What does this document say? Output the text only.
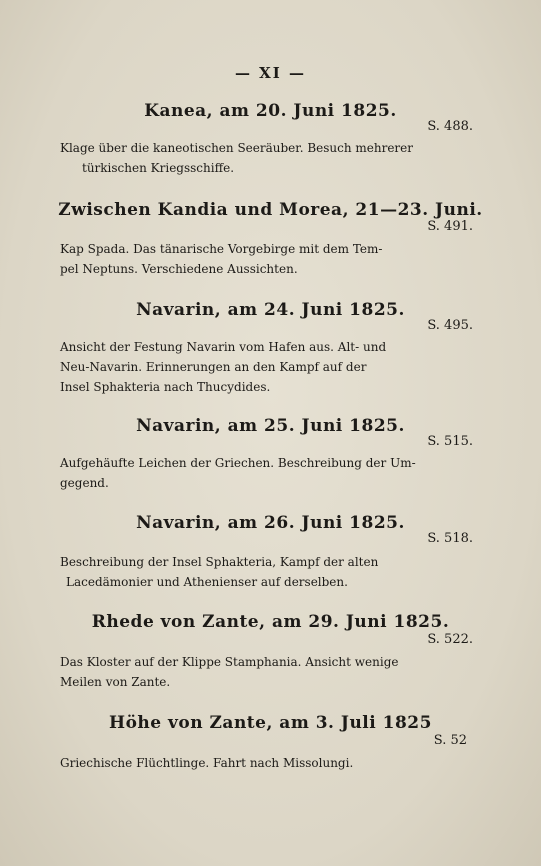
— XI —
Kanea, am 20. Juni 1825.
S. 488.
Klage über die kaneotischen Seeräuber. Besuch mehrerer
türkischen Kriegsschiffe.
Zwischen Kandia und Morea, 21—23. Juni.
S. 491.
Kap Spada. Das tänarische Vorgebirge mit dem Tem-
pel Neptuns. Verschiedene Aussichten.
Navarin, am 24. Juni 1825.
S. 495.
Ansicht der Festung Navarin vom Hafen aus. Alt- und
Neu-Navarin. Erinnerungen an den Kampf auf der
Insel Sphakteria nach Thucydides.
Navarin, am 25. Juni 1825.
S. 515.
Aufgehäufte Leichen der Griechen. Beschreibung der Um-
gegend.
Navarin, am 26. Juni 1825.
S. 518.
Beschreibung der Insel Sphakteria, Kampf der alten
Lacedämonier und Athenienser auf derselben.
Rhede von Zante, am 29. Juni 1825.
S. 522.
Das Kloster auf der Klippe Stamphania. Ansicht wenige
Meilen von Zante.
Höhe von Zante, am 3. Juli 1825
S. 52
Griechische Flüchtlinge. Fahrt nach Missolungi.
